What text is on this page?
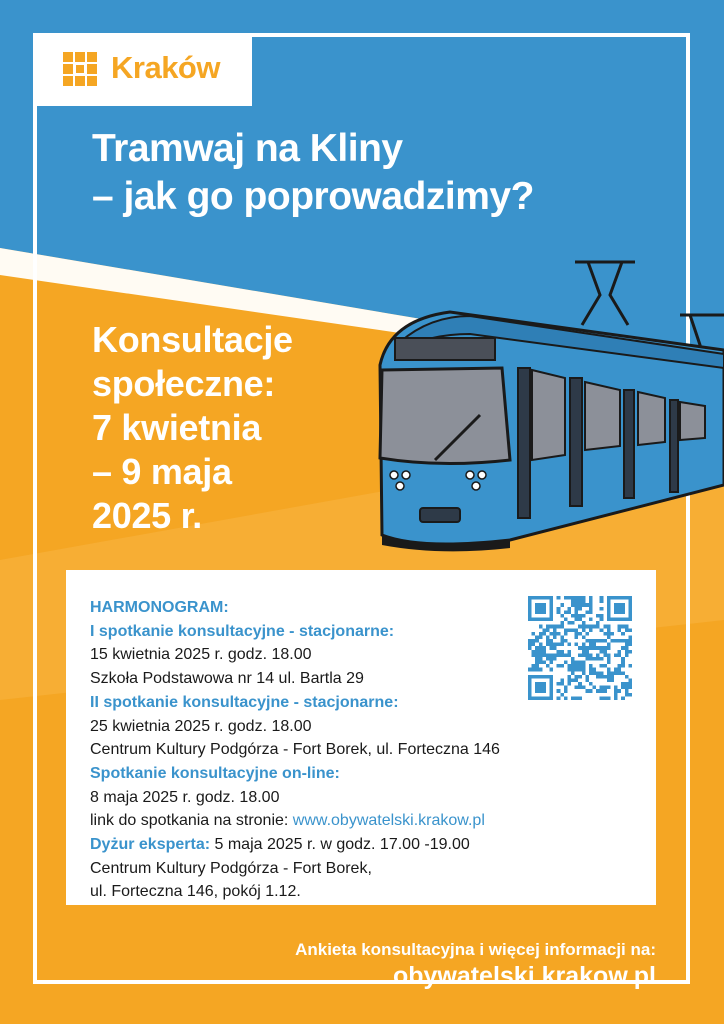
Kraków
Tramwaj na Kliny
– jak go poprowadzimy?
Konsultacje
społeczne:
7 kwietnia
– 9 maja
2025 r.
HARMONOGRAM:
I spotkanie konsultacyjne - stacjonarne:
15 kwietnia 2025 r. godz. 18.00
Szkoła Podstawowa nr 14 ul. Bartla 29
II spotkanie konsultacyjne - stacjonarne:
25 kwietnia 2025 r. godz. 18.00
Centrum Kultury Podgórza - Fort Borek, ul. Forteczna 146
Spotkanie konsultacyjne on-line:
8 maja 2025 r. godz. 18.00
link do spotkania na stronie: www.obywatelski.krakow.pl
Dyżur eksperta: 5 maja 2025 r. w godz. 17.00 -19.00
Centrum Kultury Podgórza - Fort Borek,
ul. Forteczna 146, pokój 1.12.
Ankieta konsultacyjna i więcej informacji na:
obywatelski.krakow.pl
